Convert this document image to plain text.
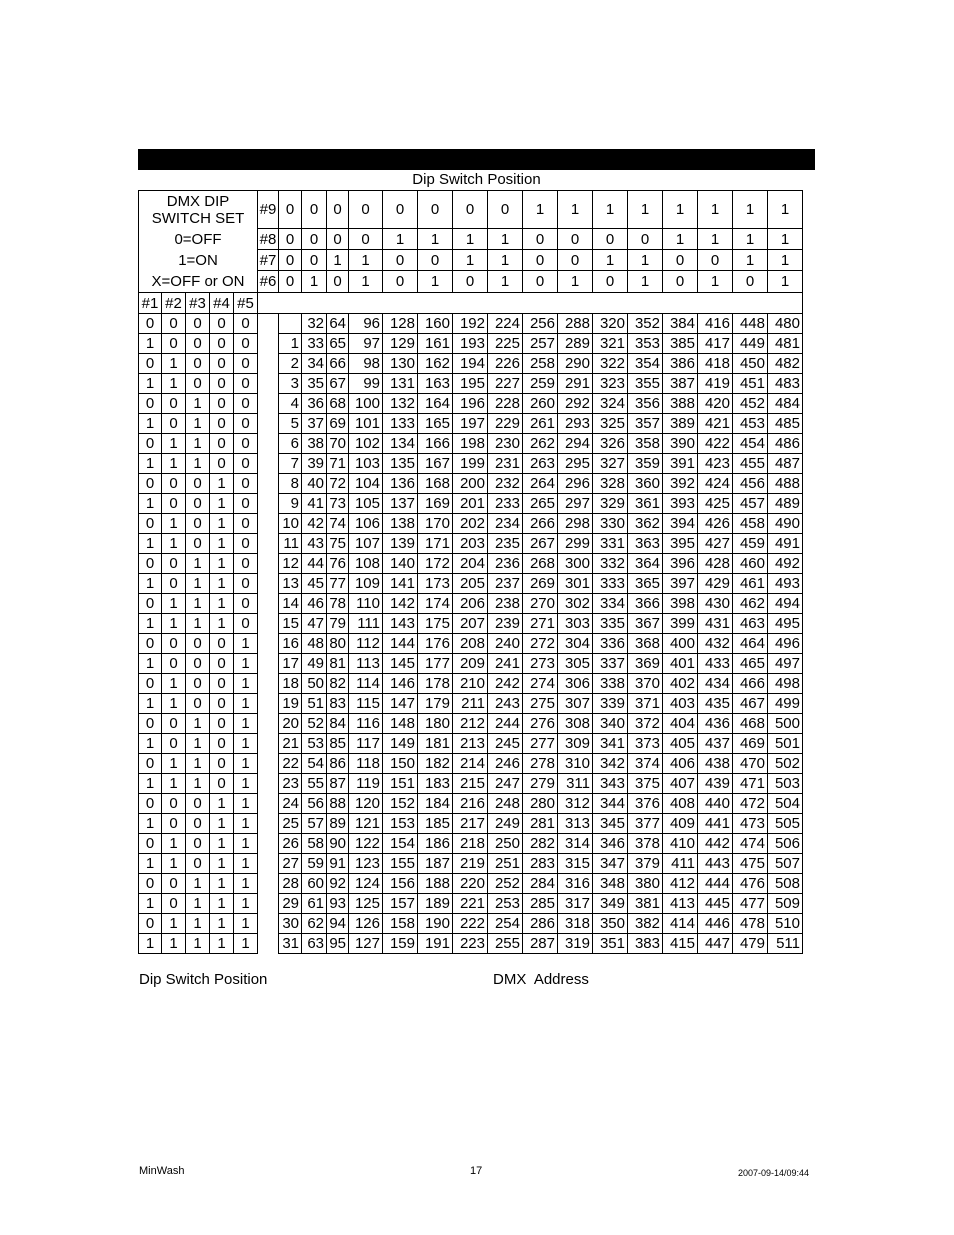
Dip Switch Position
DMX DIP
SWITCH SET					#9	0	0	0	0	0	0	0	0	1	1	1	1	1	1	1	1
0=OFF					#8	0	0	0	0	1	1	1	1	0	0	0	0	1	1	1	1
1=ON					#7	0	0	1	1	0	0	1	1	0	0	1	1	0	0	1	1
X=OFF or ON					#6	0	1	0	1	0	1	0	1	0	1	0	1	0	1	0	1
#1	#2	#3	#4	#5																	
0	0	0	0	0			32	64	96	128	160	192	224	256	288	320	352	384	416	448	480
1	0	0	0	0		1	33	65	97	129	161	193	225	257	289	321	353	385	417	449	481
0	1	0	0	0		2	34	66	98	130	162	194	226	258	290	322	354	386	418	450	482
1	1	0	0	0		3	35	67	99	131	163	195	227	259	291	323	355	387	419	451	483
0	0	1	0	0		4	36	68	100	132	164	196	228	260	292	324	356	388	420	452	484
1	0	1	0	0		5	37	69	101	133	165	197	229	261	293	325	357	389	421	453	485
0	1	1	0	0		6	38	70	102	134	166	198	230	262	294	326	358	390	422	454	486
1	1	1	0	0		7	39	71	103	135	167	199	231	263	295	327	359	391	423	455	487
0	0	0	1	0		8	40	72	104	136	168	200	232	264	296	328	360	392	424	456	488
1	0	0	1	0		9	41	73	105	137	169	201	233	265	297	329	361	393	425	457	489
0	1	0	1	0		10	42	74	106	138	170	202	234	266	298	330	362	394	426	458	490
1	1	0	1	0		11	43	75	107	139	171	203	235	267	299	331	363	395	427	459	491
0	0	1	1	0		12	44	76	108	140	172	204	236	268	300	332	364	396	428	460	492
1	0	1	1	0		13	45	77	109	141	173	205	237	269	301	333	365	397	429	461	493
0	1	1	1	0		14	46	78	110	142	174	206	238	270	302	334	366	398	430	462	494
1	1	1	1	0		15	47	79	111	143	175	207	239	271	303	335	367	399	431	463	495
0	0	0	0	1		16	48	80	112	144	176	208	240	272	304	336	368	400	432	464	496
1	0	0	0	1		17	49	81	113	145	177	209	241	273	305	337	369	401	433	465	497
0	1	0	0	1		18	50	82	114	146	178	210	242	274	306	338	370	402	434	466	498
1	1	0	0	1		19	51	83	115	147	179	211	243	275	307	339	371	403	435	467	499
0	0	1	0	1		20	52	84	116	148	180	212	244	276	308	340	372	404	436	468	500
1	0	1	0	1		21	53	85	117	149	181	213	245	277	309	341	373	405	437	469	501
0	1	1	0	1		22	54	86	118	150	182	214	246	278	310	342	374	406	438	470	502
1	1	1	0	1		23	55	87	119	151	183	215	247	279	311	343	375	407	439	471	503
0	0	0	1	1		24	56	88	120	152	184	216	248	280	312	344	376	408	440	472	504
1	0	0	1	1		25	57	89	121	153	185	217	249	281	313	345	377	409	441	473	505
0	1	0	1	1		26	58	90	122	154	186	218	250	282	314	346	378	410	442	474	506
1	1	0	1	1		27	59	91	123	155	187	219	251	283	315	347	379	411	443	475	507
0	0	1	1	1		28	60	92	124	156	188	220	252	284	316	348	380	412	444	476	508
1	0	1	1	1		29	61	93	125	157	189	221	253	285	317	349	381	413	445	477	509
0	1	1	1	1		30	62	94	126	158	190	222	254	286	318	350	382	414	446	478	510
1	1	1	1	1		31	63	95	127	159	191	223	255	287	319	351	383	415	447	479	511
Dip Switch Position	DMX  Address
MinWash	17	2007-09-14/09:44
